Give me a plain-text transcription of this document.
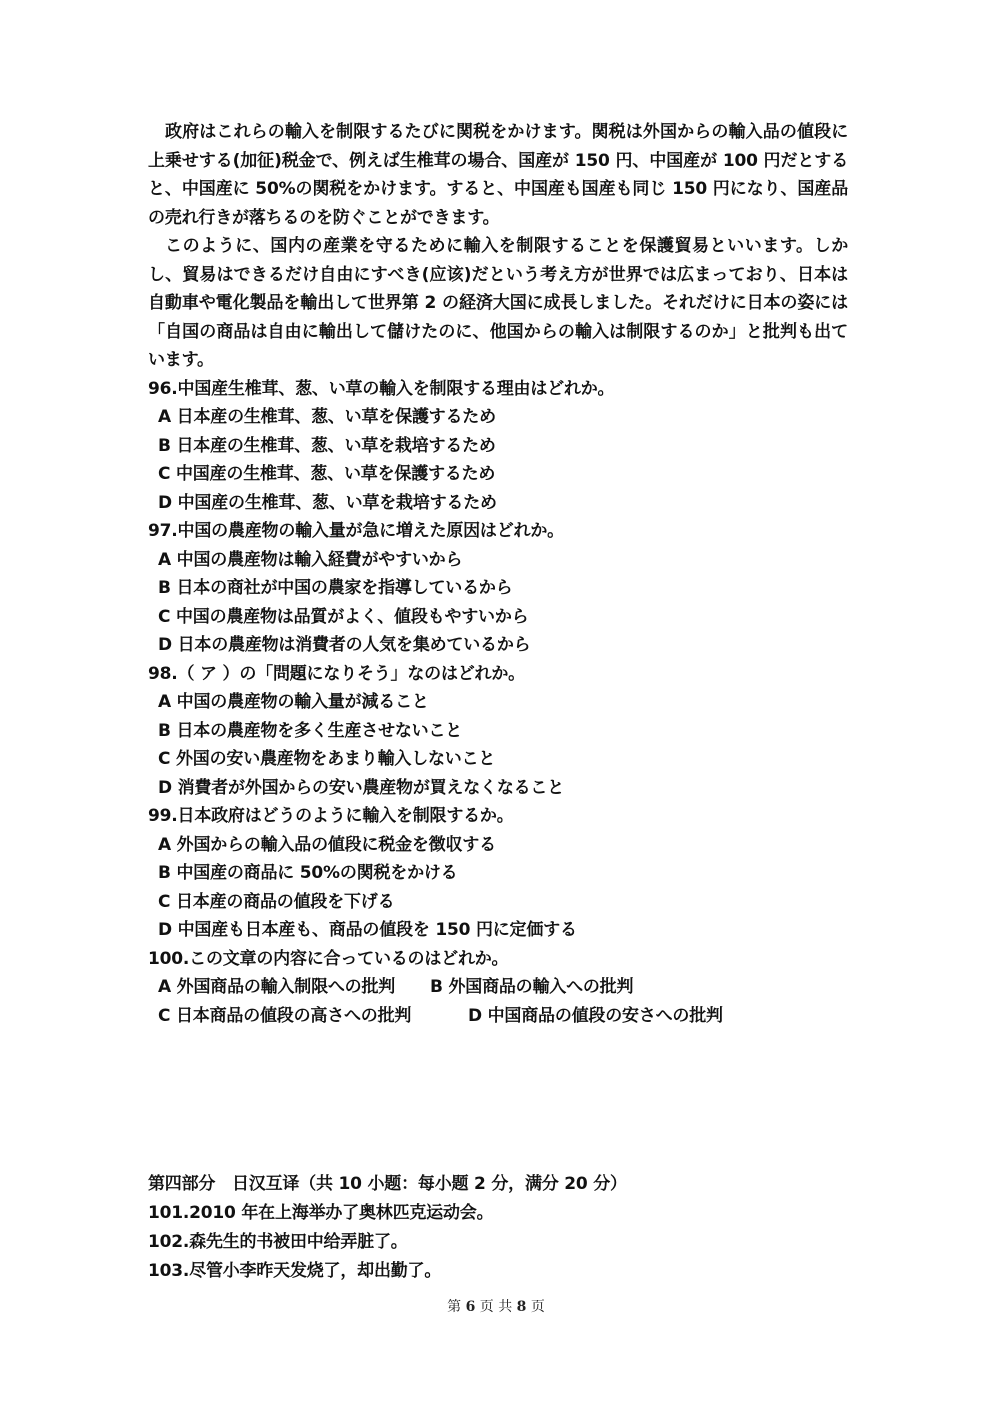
政府はこれらの輸入を制限するたびに関税をかけます。関税は外国からの輸入品の値段に上乗せする(加征)税金で、例えば生椎茸の場合、国産が 150 円、中国産が 100 円だとすると、中国産に 50%の関税をかけます。すると、中国産も国産も同じ 150 円になり、国産品の売れ行きが落ちるのを防ぐことができます。

このように、国内の産業を守るために輸入を制限することを保護貿易といいます。しかし、貿易はできるだけ自由にすべき(应该)だという考え方が世界では広まっており、日本は自動車や電化製品を輸出して世界第 2 の経済大国に成長しました。それだけに日本の姿には「自国の商品は自由に輸出して儲けたのに、他国からの輸入は制限するのか」と批判も出ています。

96.中国産生椎茸、葱、い草の輸入を制限する理由はどれか。

A 日本産の生椎茸、葱、い草を保護するため

B 日本産の生椎茸、葱、い草を栽培するため

C 中国産の生椎茸、葱、い草を保護するため

D 中国産の生椎茸、葱、い草を栽培するため

97.中国の農産物の輸入量が急に増えた原因はどれか。

A 中国の農産物は輸入経費がやすいから

B 日本の商社が中国の農家を指導しているから

C 中国の農産物は品質がよく、値段もやすいから

D 日本の農産物は消費者の人気を集めているから

98.（ ア ）の「問題になりそう」なのはどれか。

A 中国の農産物の輸入量が減ること

B 日本の農産物を多く生産させないこと

C 外国の安い農産物をあまり輸入しないこと

D 消費者が外国からの安い農産物が買えなくなること

99.日本政府はどうのように輸入を制限するか。

A 外国からの輸入品の値段に税金を徴収する

B 中国産の商品に 50%の関税をかける

C 日本産の商品の値段を下げる

D 中国産も日本産も、商品の値段を 150 円に定価する

100.この文章の内容に合っているのはどれか。

A 外国商品の輸入制限への批判	B 外国商品の輸入への批判
C 日本商品の値段の高さへの批判	D 中国商品の値段の安さへの批判

第四部分　日汉互译（共 10 小题：每小题 2 分，满分 20 分）

101.2010 年在上海举办了奥林匹克运动会。

102.森先生的书被田中给弄脏了。

103.尽管小李昨天发烧了，却出勤了。

第 6 页 共 8 页
